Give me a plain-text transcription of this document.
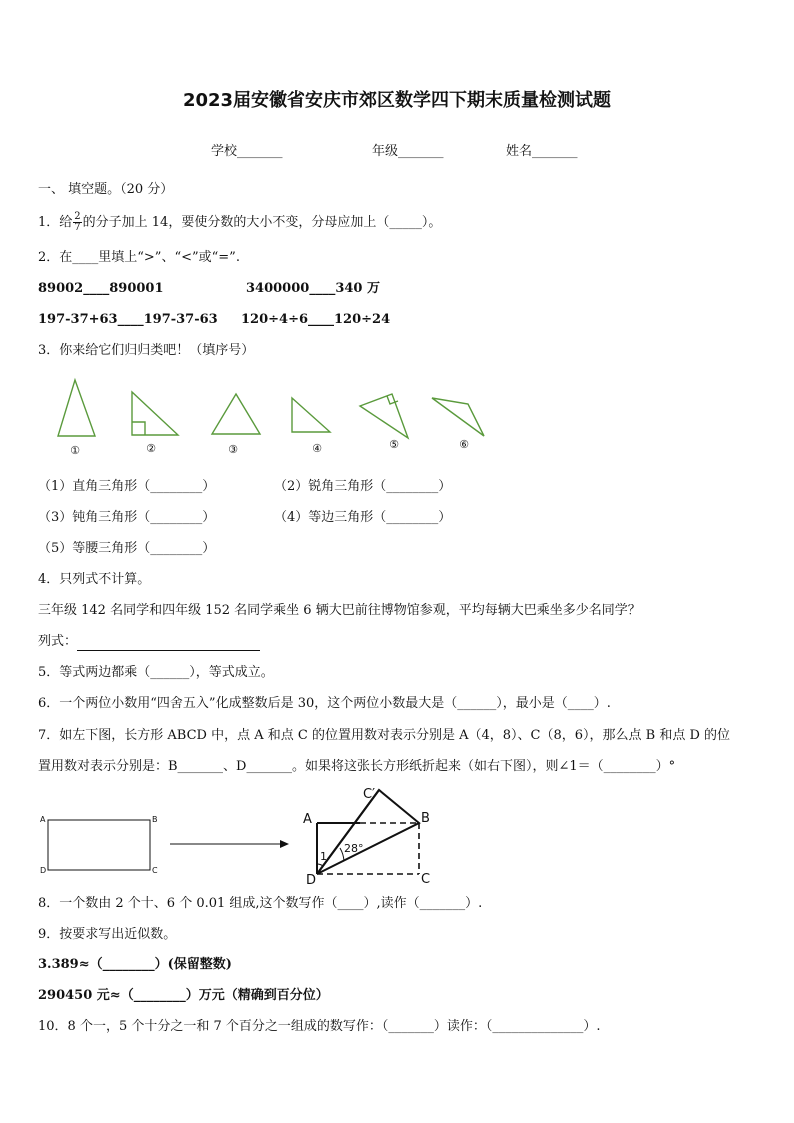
2023届安徽省安庆市郊区数学四下期末质量检测试题
学校_______	年级_______	姓名_______
一、 填空题。（20 分）
1．给 $\frac{2}{7}$ 的分子加上 14，要使分数的大小不变，分母应加上（_____）。
2．在____里填上“>”、“<”或“=”.
89002____890001	3400000____340 万
197-37+63____197-37-63 120÷4÷6____120÷24
3．你来给它们归归类吧！（填序号）
①	②	③	④	⑤	⑥
（1）直角三角形（________）	（2）锐角三角形（________）
（3）钝角三角形（________）	（4）等边三角形（________）
（5）等腰三角形（________）
4．只列式不计算。
三年级 142 名同学和四年级 152 名同学乘坐 6 辆大巴前往博物馆参观，平均每辆大巴乘坐多少名同学？
列式：
5．等式两边都乘（______），等式成立。
6．一个两位小数用“四舍五入”化成整数后是 30，这个两位小数最大是（______），最小是（____）.
7．如左下图，长方形 ABCD 中，点 A 和点 C 的位置用数对表示分别是 A（4，8）、C（8，6），那么点 B 和点 D 的位
置用数对表示分别是：B_______、D_______。如果将这张长方形纸折起来（如右下图），则∠1＝（________）°
A	B
D	C
A	B
C
D
C′
1
28°
8．一个数由 2 个十、6 个 0.01 组成,这个数写作（____）,读作（_______）.
9．按要求写出近似数。
3.389≈（________）(保留整数)
290450 元≈（________）万元（精确到百分位）
10．8 个一，5 个十分之一和 7 个百分之一组成的数写作：（_______）读作：（______________）.
